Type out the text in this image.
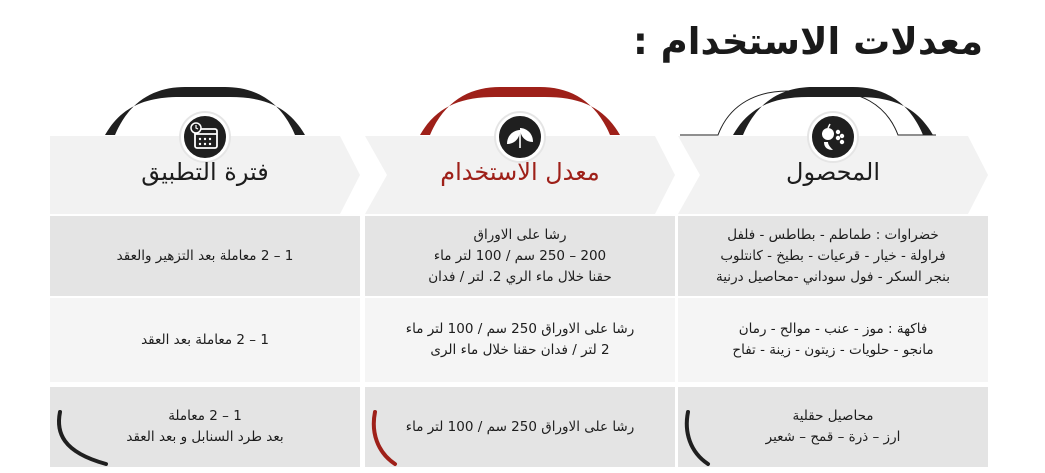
معدلات الاستخدام :
المحصول
خضراوات : طماطم - بطاطس - فلفل
فراولة - خيار - قرعيات - بطيخ - كانتلوب
بنجر السكر - فول سوداني -محاصيل درنية
فاكهة : موز - عنب - موالح - رمان
مانجو - حلويات - زيتون - زينة - تفاح
محاصيل حقلية
ارز – ذرة – قمح – شعير
معدل الاستخدام
رشا على الاوراق
200 – 250 سم / 100 لتر ماء
حقنا خلال ماء الري 2. لتر / فدان
رشا على الاوراق 250 سم / 100 لتر ماء
2 لتر / فدان حقنا خلال ماء الرى
رشا على الاوراق 250 سم / 100 لتر ماء
فترة التطبيق
1 – 2 معاملة بعد التزهير والعقد
1 – 2 معاملة بعد العقد
1 – 2 معاملة
بعد طرد السنابل و بعد العقد
